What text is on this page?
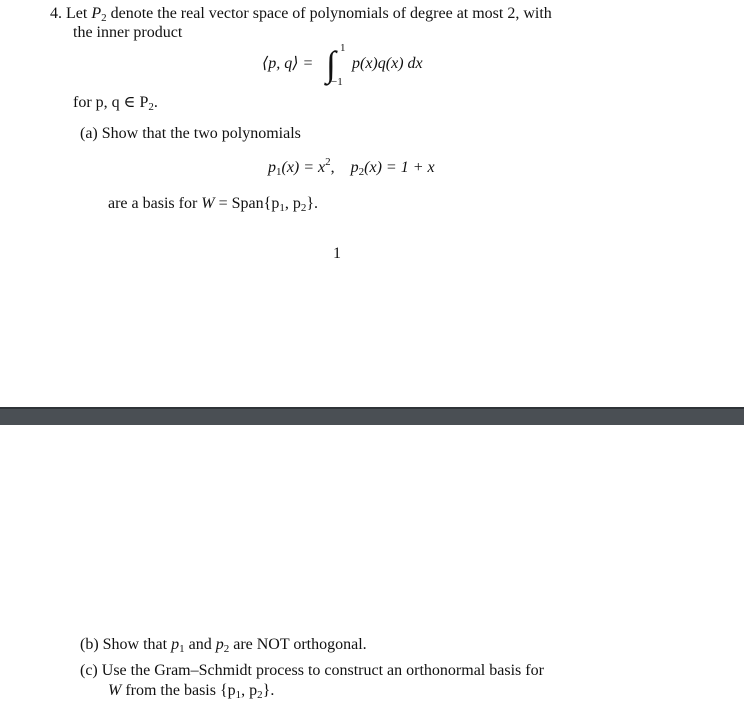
4. Let $P_2$ denote the real vector space of polynomials of degree at most 2, with
the inner product
⟨p, q⟩ = ∫ 1
−1
p(x)q(x) dx
for p, q ∈ $P_2$.
(a) Show that the two polynomials
$p_1(x) = x^2$, $p_2(x) = 1 + x$
are a basis for $W = Span\{p_1$, $p_2$}.
1
(b) Show that $p_1$ and $p_2$ are NOT orthogonal.
(c) Use the Gram–Schmidt process to construct an orthonormal basis for
W from the basis {$p_1$, $p_2$}.
